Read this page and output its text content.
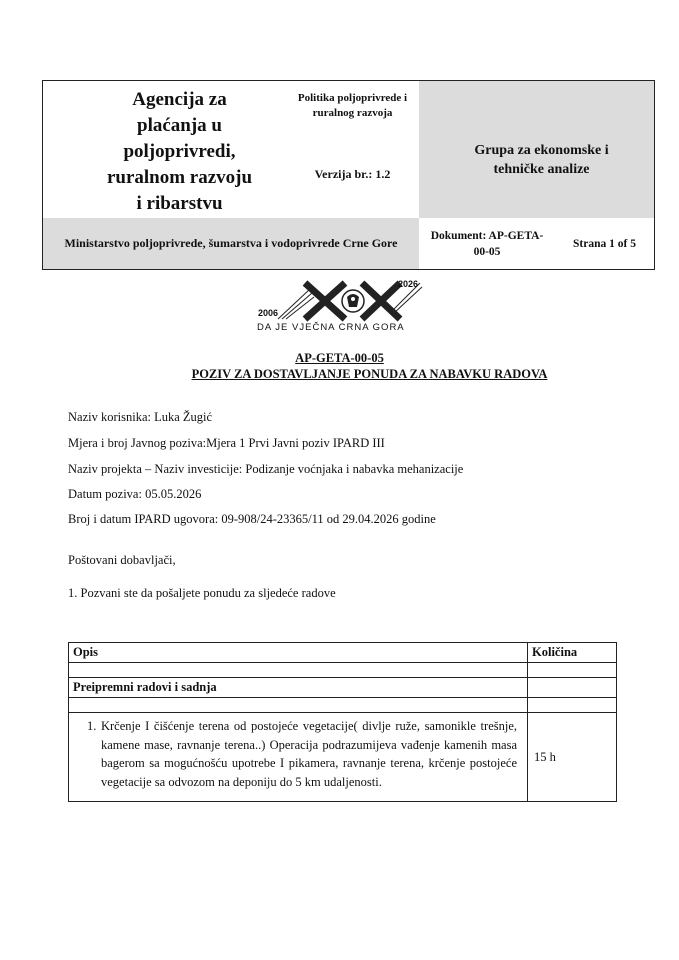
Agencija za plaćanja u poljoprivredi, ruralnom razvoju i ribarstvu
Politika poljoprivrede i ruralnog razvoja
Verzija br.: 1.2
Grupa za ekonomske i tehničke analize
Ministarstvo poljoprivrede, šumarstva i vodoprivrede Crne Gore
Dokument: AP-GETA-00-05
Strana 1 of 5
2006
2026
DA JE VJEČNA CRNA GORA
AP-GETA-00-05
POZIV ZA DOSTAVLJANJE PONUDA ZA NABAVKU RADOVA
Naziv korisnika: Luka Žugić
Mjera i broj Javnog poziva:Mjera 1 Prvi Javni poziv IPARD III
Naziv projekta – Naziv investicije: Podizanje voćnjaka i nabavka mehanizacije
Datum poziva: 05.05.2026
Broj i datum IPARD ugovora: 09-908/24-23365/11 od 29.04.2026 godine
Poštovani dobavljači,
1. Pozvani ste da pošaljete ponudu za sljedeće radove
Opis	Količina
Preipremni radovi i sadnja
1. Krčenje I čišćenje terena od postojeće vegetacije( divlje ruže, samonikle trešnje, kamene mase, ravnanje terena..) Operacija podrazumijeva vađenje kamenih masa bagerom sa mogućnošću upotrebe I pikamera, ravnanje terena, krčenje postojeće vegetacije sa odvozom na deponiju do 5 km udaljenosti.
15 h
